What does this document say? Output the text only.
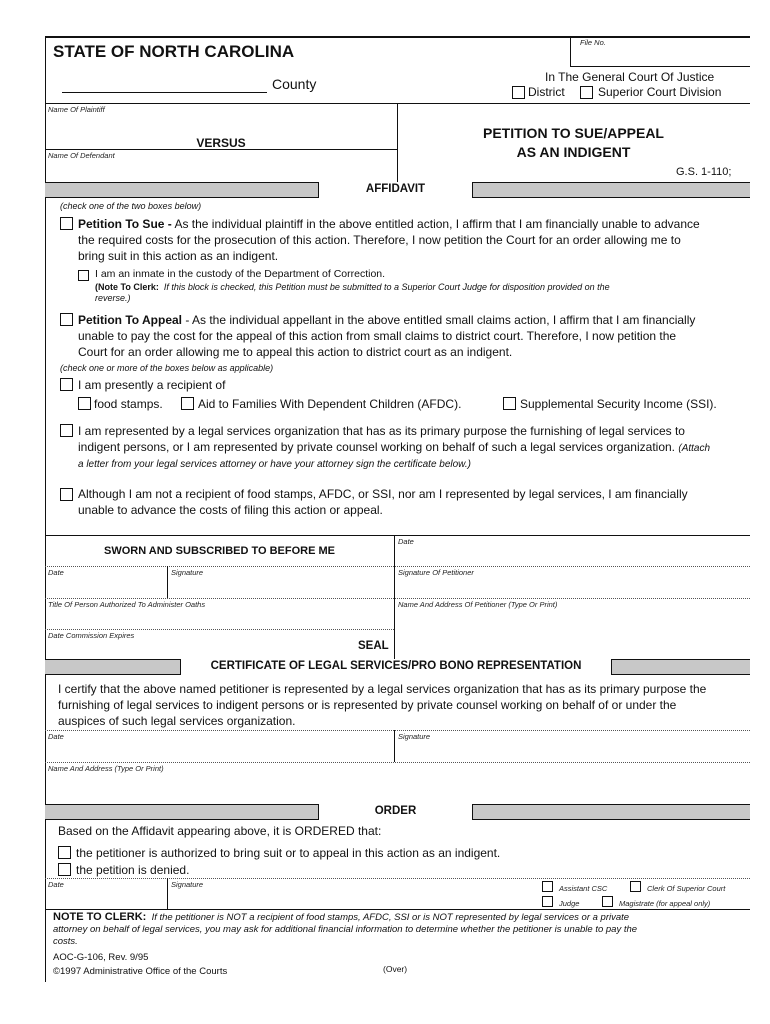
STATE OF NORTH CAROLINA	File No.
County	In The General Court Of Justice
District	Superior Court Division
Name Of Plaintiff
VERSUS
Name Of Defendant
PETITION TO SUE/APPEAL
AS AN INDIGENT
G.S. 1-110;
AFFIDAVIT
(check one of the two boxes below)
Petition To Sue - As the individual plaintiff in the above entitled action, I affirm that I am financially unable to advance
the required costs for the prosecution of this action. Therefore, I now petition the Court for an order allowing me to
bring suit in this action as an indigent.
I am an inmate in the custody of the Department of Correction.
(Note To Clerk: If this block is checked, this Petition must be submitted to a Superior Court Judge for disposition provided on the
reverse.)
Petition To Appeal - As the individual appellant in the above entitled small claims action, I affirm that I am financially
unable to pay the cost for the appeal of this action from small claims to district court. Therefore, I now petition the
Court for an order allowing me to appeal this action to district court as an indigent.
(check one or more of the boxes below as applicable)
I am presently a recipient of
food stamps.	Aid to Families With Dependent Children (AFDC).	Supplemental Security Income (SSI).
I am represented by a legal services organization that has as its primary purpose the furnishing of legal services to
indigent persons, or I am represented by private counsel working on behalf of such a legal services organization. (Attach
a letter from your legal services attorney or have your attorney sign the certificate below.)
Although I am not a recipient of food stamps, AFDC, or SSI, nor am I represented by legal services, I am financially
unable to advance the costs of filing this action or appeal.
SWORN AND SUBSCRIBED TO BEFORE ME
Date
Date	Signature	Signature Of Petitioner
Title Of Person Authorized To Administer Oaths	Name And Address Of Petitioner (Type Or Print)
Date Commission Expires
SEAL
CERTIFICATE OF LEGAL SERVICES/PRO BONO REPRESENTATION
I certify that the above named petitioner is represented by a legal services organization that has as its primary purpose the
furnishing of legal services to indigent persons or is represented by private counsel working on behalf of or under the
auspices of such legal services organization.
Date	Signature
Name And Address (Type Or Print)
ORDER
Based on the Affidavit appearing above, it is ORDERED that:
the petitioner is authorized to bring suit or to appeal in this action as an indigent.
the petition is denied.
Date	Signature	Assistant CSC	Clerk Of Superior Court
Judge	Magistrate (for appeal only)
NOTE TO CLERK: If the petitioner is NOT a recipient of food stamps, AFDC, SSI or is NOT represented by legal services or a private
attorney on behalf of legal services, you may ask for additional financial information to determine whether the petitioner is unable to pay the
costs.
AOC-G-106, Rev. 9/95
©1997 Administrative Office of the Courts	(Over)
